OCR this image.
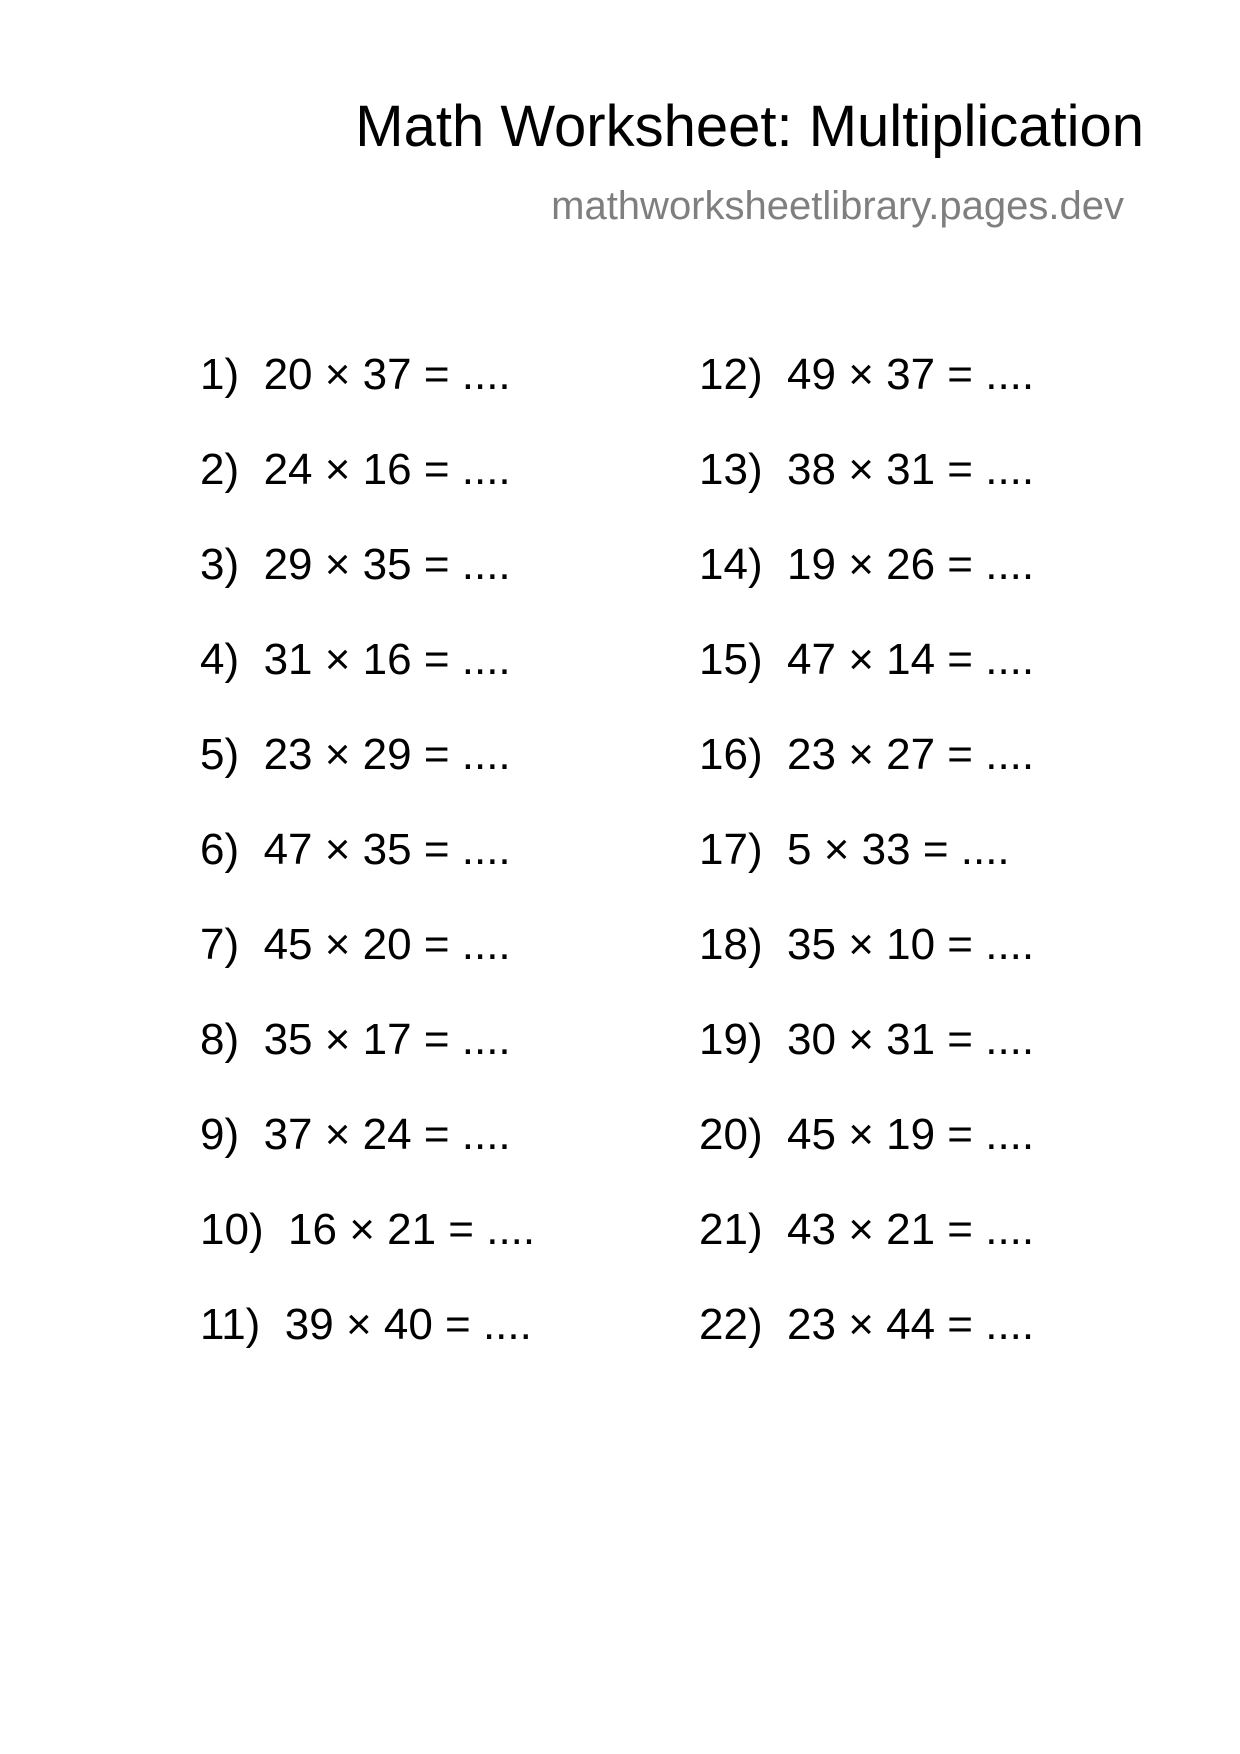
Math Worksheet: Multiplication
mathworksheetlibrary.pages.dev
1)  20 × 37 = ....
2)  24 × 16 = ....
3)  29 × 35 = ....
4)  31 × 16 = ....
5)  23 × 29 = ....
6)  47 × 35 = ....
7)  45 × 20 = ....
8)  35 × 17 = ....
9)  37 × 24 = ....
10)  16 × 21 = ....
11)  39 × 40 = ....
12)  49 × 37 = ....
13)  38 × 31 = ....
14)  19 × 26 = ....
15)  47 × 14 = ....
16)  23 × 27 = ....
17)  5 × 33 = ....
18)  35 × 10 = ....
19)  30 × 31 = ....
20)  45 × 19 = ....
21)  43 × 21 = ....
22)  23 × 44 = ....
